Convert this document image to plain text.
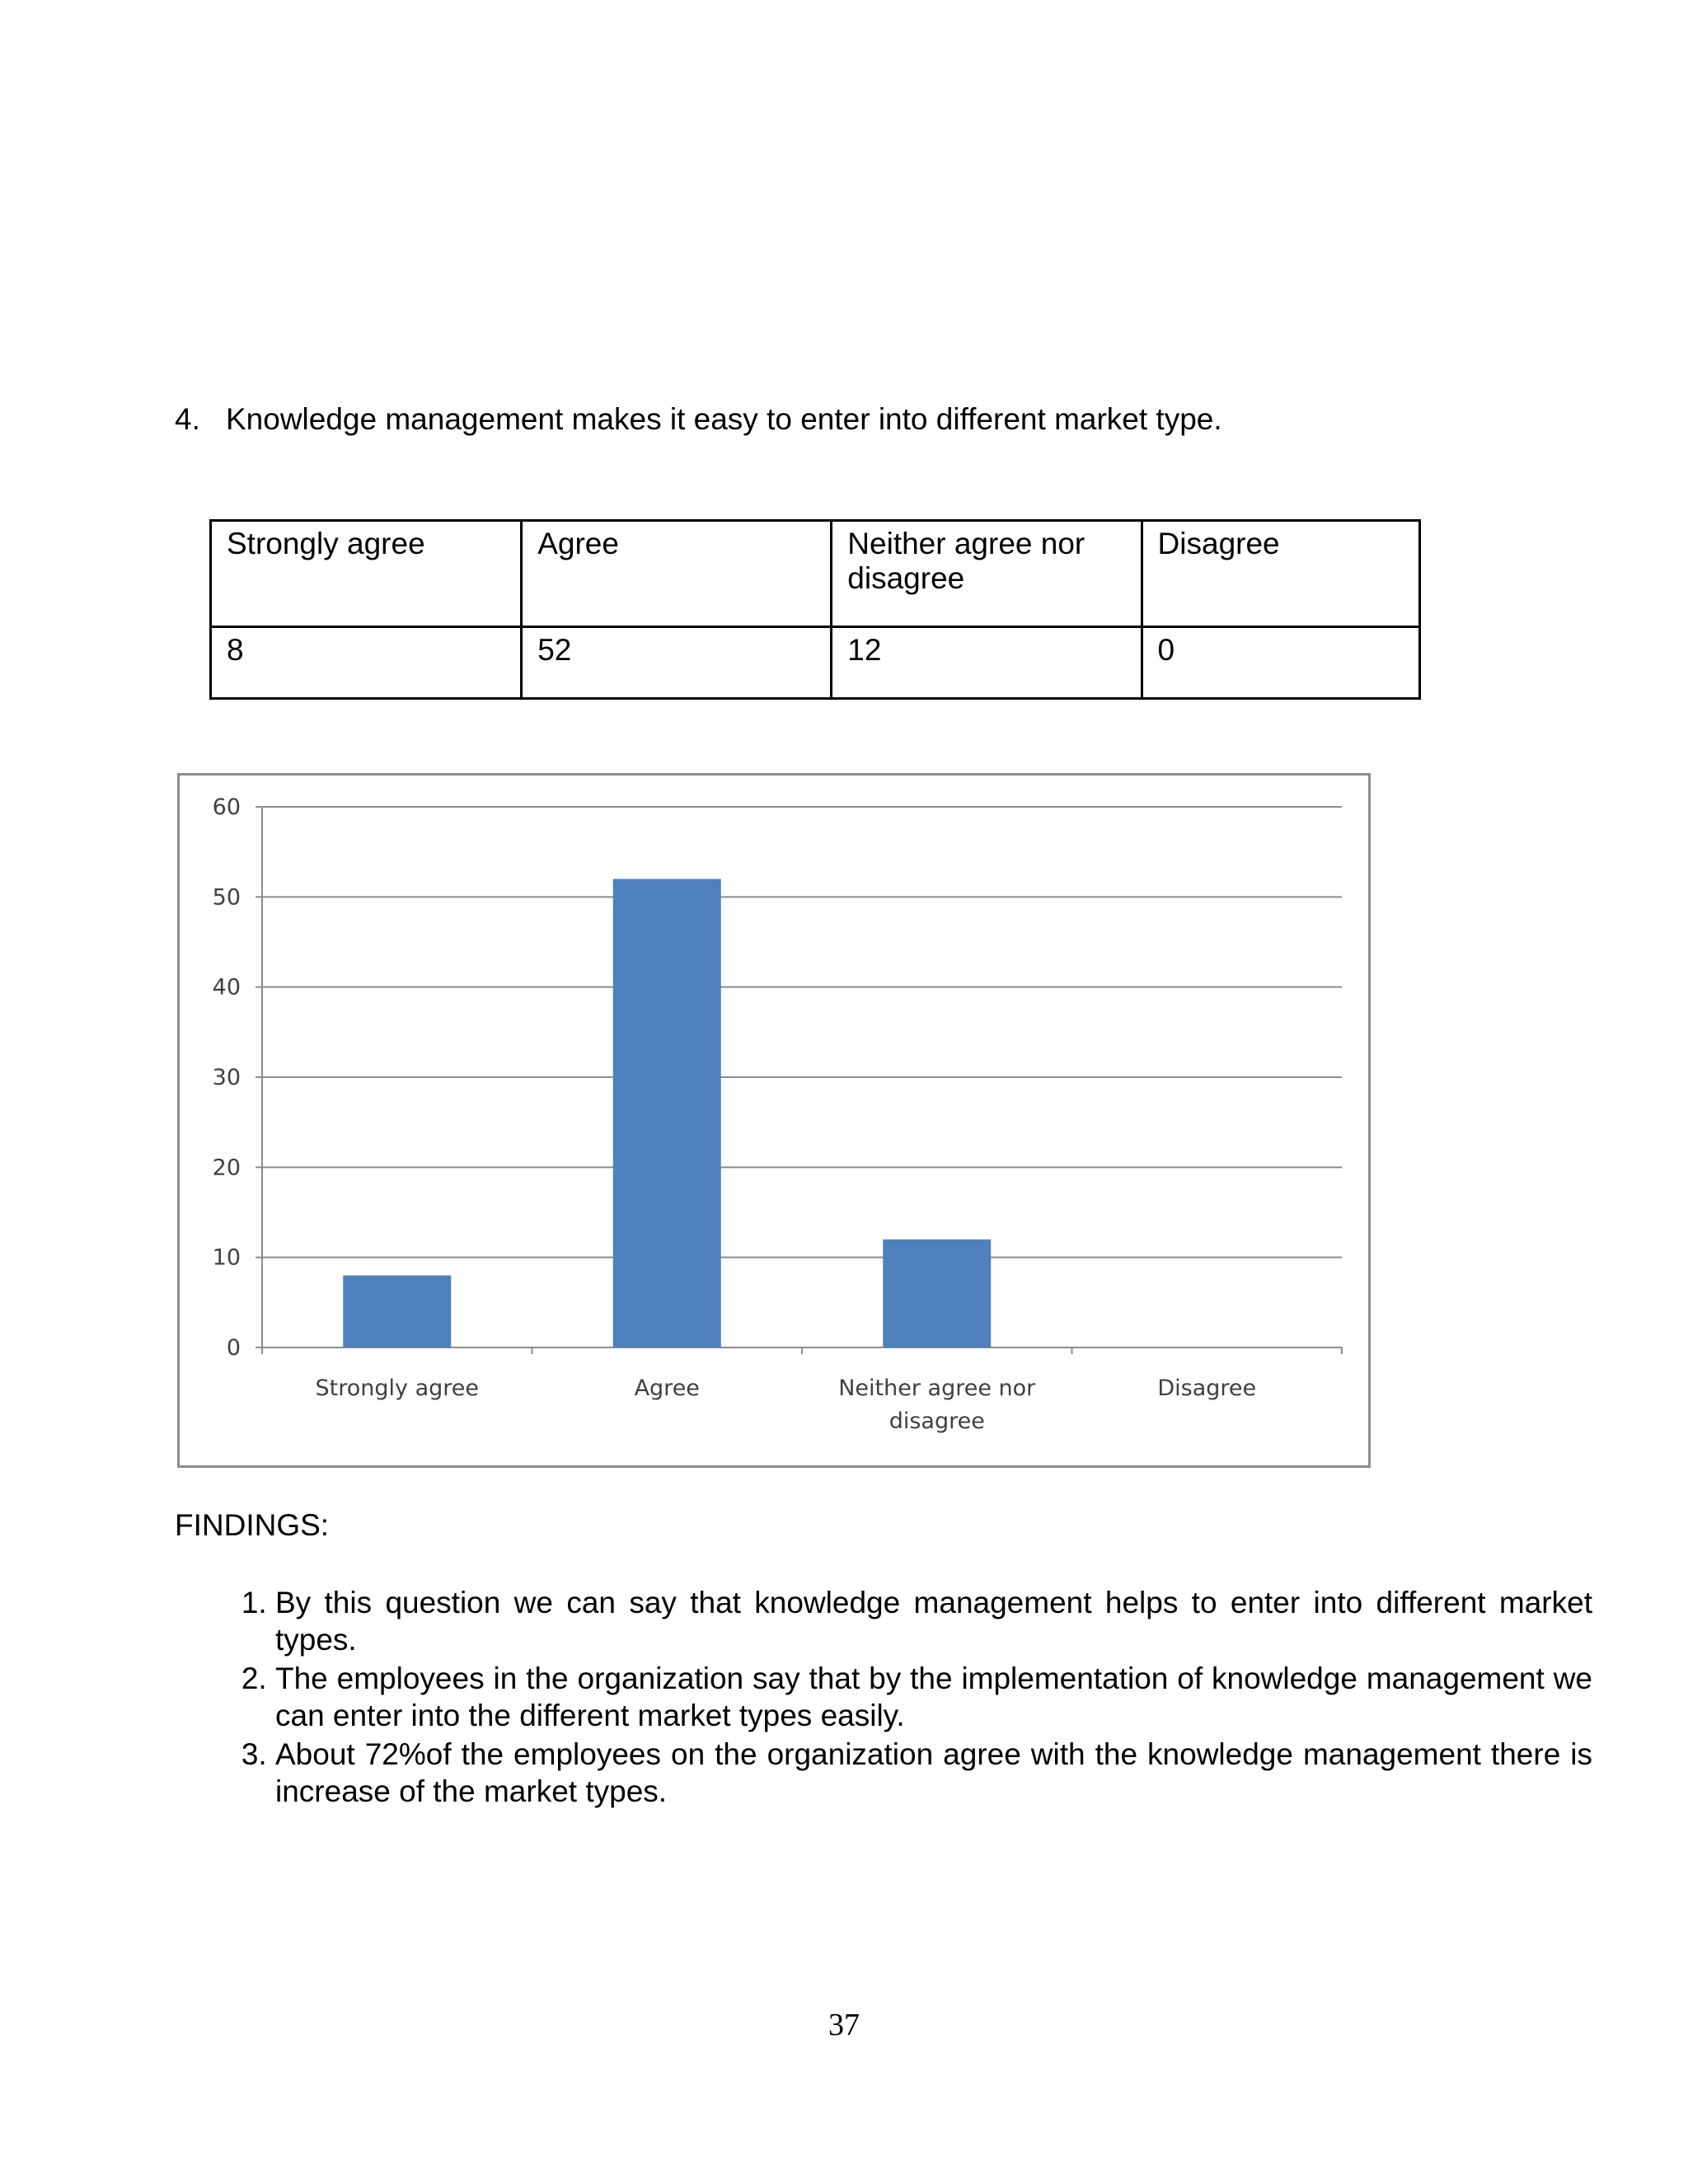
4. Knowledge management makes it easy to enter into different market type.

Strongly agree	Agree	Neither agree nor disagree	Disagree
8	52	12	0
0
10
20
30
40
50
60
Strongly agree	Agree	Neither agree nor disagree
Disagree

FINDINGS:

1. By this question we can say that knowledge management helps to enter into different market types.
2. The employees in the organization say that by the implementation of knowledge management we can enter into the different market types easily.
3. About 72%of the employees on the organization agree with the knowledge management there is increase of the market types.
37
